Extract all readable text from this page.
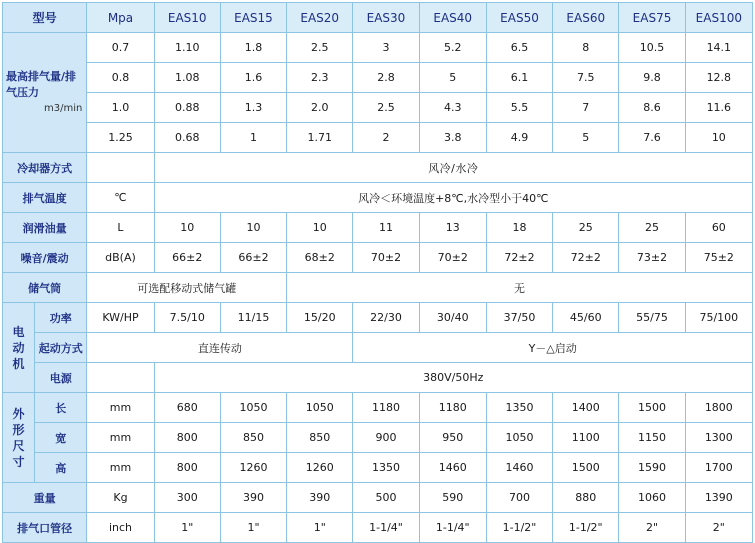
型号		Mpa	EAS10	EAS15	EAS20	EAS30	EAS40	EAS50	EAS60	EAS75	EAS100

最高排气量/排气压力
m3/min		0.7	1.10	1.8	2.5	3	5.2	6.5	8	10.5	14.1
		0.8	1.08	1.6	2.3	2.8	5	6.1	7.5	9.8	12.8
		1.0	0.88	1.3	2.0	2.5	4.3	5.5	7	8.6	11.6
		1.25	0.68	1	1.71	2	3.8	4.9	5	7.6	10
冷却器方式			风冷/水冷								
排气温度		℃	风冷＜环境温度+8℃,水冷型小于40℃								
润滑油量		L	10	10	10	11	13	18	25	25	60
噪音/震动		dB(A)	66±2	66±2	68±2	70±2	70±2	72±2	72±2	73±2	75±2
储气筒		可选配移动式储气罐			无						

电
动
机	功率	KW/HP	7.5/10	11/15	15/20	22/30	30/40	37/50	45/60	55/75	75/100
	起动方式	直连传动				Y－△启动					
	电源		380V/50Hz								

外
形
尺
寸	长	mm	680	1050	1050	1180	1180	1350	1400	1500	1800
	宽	mm	800	850	850	900	950	1050	1100	1150	1300
	高	mm	800	1260	1260	1350	1460	1460	1500	1590	1700
重量		Kg	300	390	390	500	590	700	880	1060	1390
排气口管径		inch	1"	1"	1"	1-1/4"	1-1/4"	1-1/2"	1-1/2"	2"	2"
